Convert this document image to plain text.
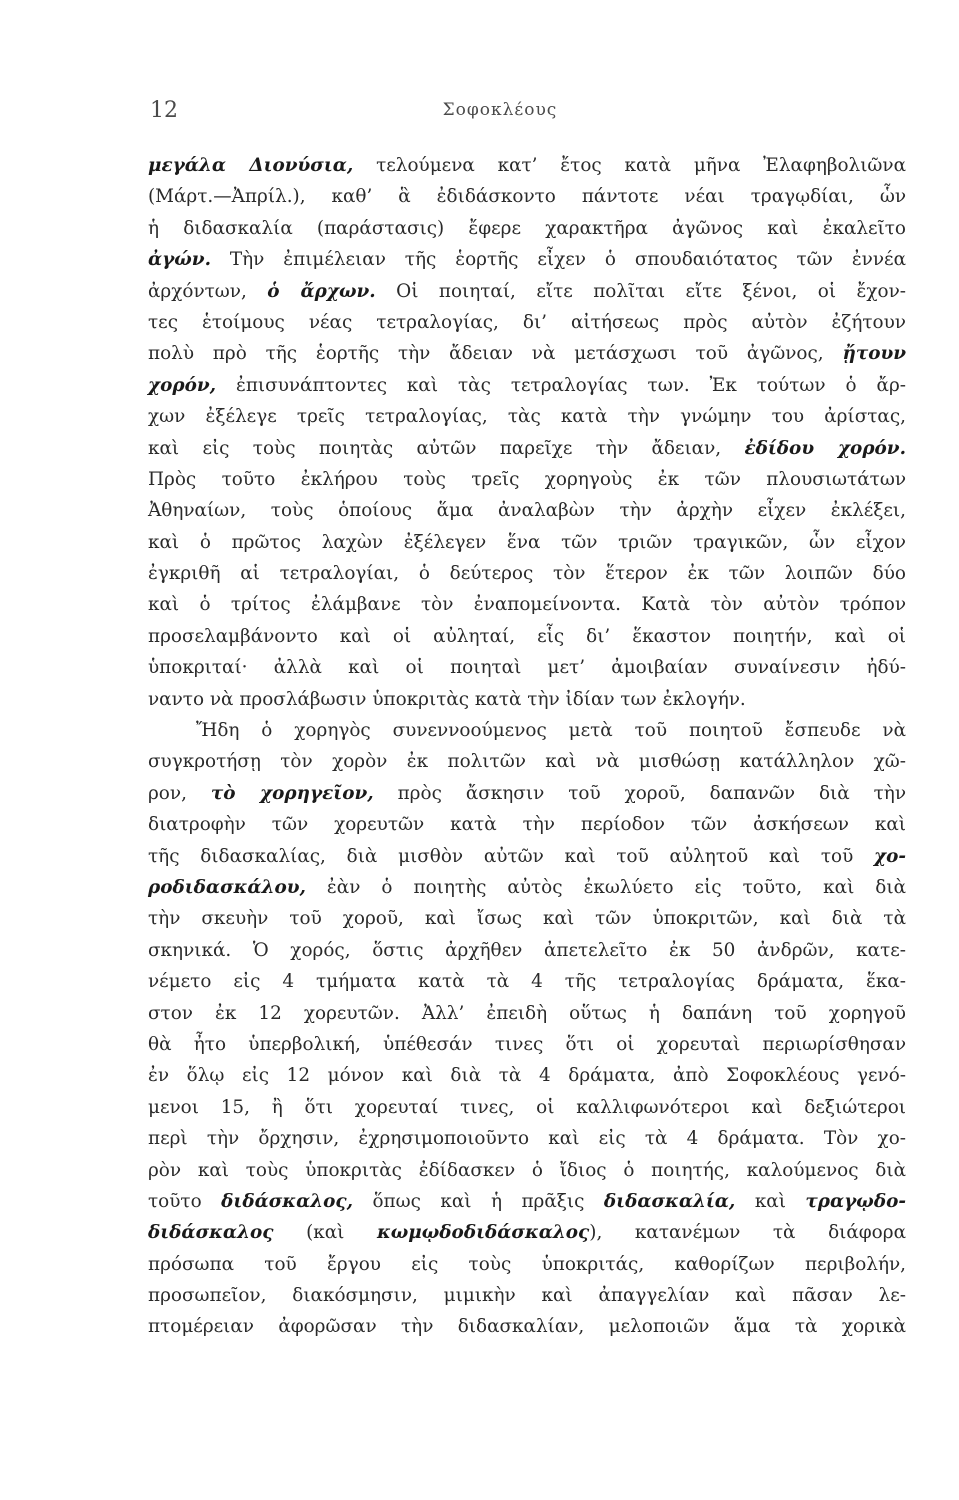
12	Σοφοκλέους
μεγάλα Διονύσια, τελούμενα κατ’ ἔτος κατὰ μῆνα Ἐλαφηβολιῶνα
(Μάρτ.—Ἀπρίλ.), καθ’ ἃ ἐδιδάσκοντο πάντοτε νέαι τραγῳδίαι, ὧν
ἡ διδασκαλία (παράστασις) ἔφερε χαρακτῆρα ἀγῶνος καὶ ἐκαλεῖτο
ἀγών. Τὴν ἐπιμέλειαν τῆς ἑορτῆς εἶχεν ὁ σπουδαιότατος τῶν ἐννέα
ἀρχόντων, ὁ ἄρχων. Οἱ ποιηταί, εἴτε πολῖται εἴτε ξένοι, οἱ ἔχον-
τες ἑτοίμους νέας τετραλογίας, δι’ αἰτήσεως πρὸς αὐτὸν ἐζήτουν
πολὺ πρὸ τῆς ἑορτῆς τὴν ἄδειαν νὰ μετάσχωσι τοῦ ἀγῶνος, ᾔτουν
χορόν, ἐπισυνάπτοντες καὶ τὰς τετραλογίας των. Ἐκ τούτων ὁ ἄρ-
χων ἐξέλεγε τρεῖς τετραλογίας, τὰς κατὰ τὴν γνώμην του ἀρίστας,
καὶ εἰς τοὺς ποιητὰς αὐτῶν παρεῖχε τὴν ἄδειαν, ἐδίδου χορόν.
Πρὸς τοῦτο ἐκλήρου τοὺς τρεῖς χορηγοὺς ἐκ τῶν πλουσιωτάτων
Ἀθηναίων, τοὺς ὁποίους ἅμα ἀναλαβὼν τὴν ἀρχὴν εἶχεν ἐκλέξει,
καὶ ὁ πρῶτος λαχὼν ἐξέλεγεν ἕνα τῶν τριῶν τραγικῶν, ὧν εἶχον
ἐγκριθῆ αἱ τετραλογίαι, ὁ δεύτερος τὸν ἕτερον ἐκ τῶν λοιπῶν δύο
καὶ ὁ τρίτος ἐλάμβανε τὸν ἐναπομείνοντα. Κατὰ τὸν αὐτὸν τρόπον
προσελαμβάνοντο καὶ οἱ αὐληταί, εἷς δι’ ἕκαστον ποιητήν, καὶ οἱ
ὑποκριταί· ἀλλὰ καὶ οἱ ποιηταὶ μετ’ ἀμοιβαίαν συναίνεσιν ἠδύ-
ναντο νὰ προσλάβωσιν ὑποκριτὰς κατὰ τὴν ἰδίαν των ἐκλογήν.
Ἤδη ὁ χορηγὸς συνεννοούμενος μετὰ τοῦ ποιητοῦ ἔσπευδε νὰ
συγκροτήσῃ τὸν χορὸν ἐκ πολιτῶν καὶ νὰ μισθώσῃ κατάλληλον χῶ-
ρον, τὸ χορηγεῖον, πρὸς ἄσκησιν τοῦ χοροῦ, δαπανῶν διὰ τὴν
διατροφὴν τῶν χορευτῶν κατὰ τὴν περίοδον τῶν ἀσκήσεων καὶ
τῆς διδασκαλίας, διὰ μισθὸν αὐτῶν καὶ τοῦ αὐλητοῦ καὶ τοῦ χο-
ροδιδασκάλου, ἐὰν ὁ ποιητὴς αὐτὸς ἐκωλύετο εἰς τοῦτο, καὶ διὰ
τὴν σκευὴν τοῦ χοροῦ, καὶ ἴσως καὶ τῶν ὑποκριτῶν, καὶ διὰ τὰ
σκηνικά. Ὁ χορός, ὅστις ἀρχῆθεν ἀπετελεῖτο ἐκ 50 ἀνδρῶν, κατε-
νέμετο εἰς 4 τμήματα κατὰ τὰ 4 τῆς τετραλογίας δράματα, ἕκα-
στον ἐκ 12 χορευτῶν. Ἀλλ’ ἐπειδὴ οὕτως ἡ δαπάνη τοῦ χορηγοῦ
θὰ ἦτο ὑπερβολική, ὑπέθεσάν τινες ὅτι οἱ χορευταὶ περιωρίσθησαν
ἐν ὅλῳ εἰς 12 μόνον καὶ διὰ τὰ 4 δράματα, ἀπὸ Σοφοκλέους γενό-
μενοι 15, ἢ ὅτι χορευταί τινες, οἱ καλλιφωνότεροι καὶ δεξιώτεροι
περὶ τὴν ὄρχησιν, ἐχρησιμοποιοῦντο καὶ εἰς τὰ 4 δράματα. Τὸν χο-
ρὸν καὶ τοὺς ὑποκριτὰς ἐδίδασκεν ὁ ἴδιος ὁ ποιητής, καλούμενος διὰ
τοῦτο διδάσκαλος, ὅπως καὶ ἡ πρᾶξις διδασκαλία, καὶ τραγῳδο-
διδάσκαλος (καὶ κωμῳδοδιδάσκαλος), κατανέμων τὰ διάφορα
πρόσωπα τοῦ ἔργου εἰς τοὺς ὑποκριτάς, καθορίζων περιβολήν,
προσωπεῖον, διακόσμησιν, μιμικὴν καὶ ἀπαγγελίαν καὶ πᾶσαν λε-
πτομέρειαν ἀφορῶσαν τὴν διδασκαλίαν, μελοποιῶν ἅμα τὰ χορικὰ
